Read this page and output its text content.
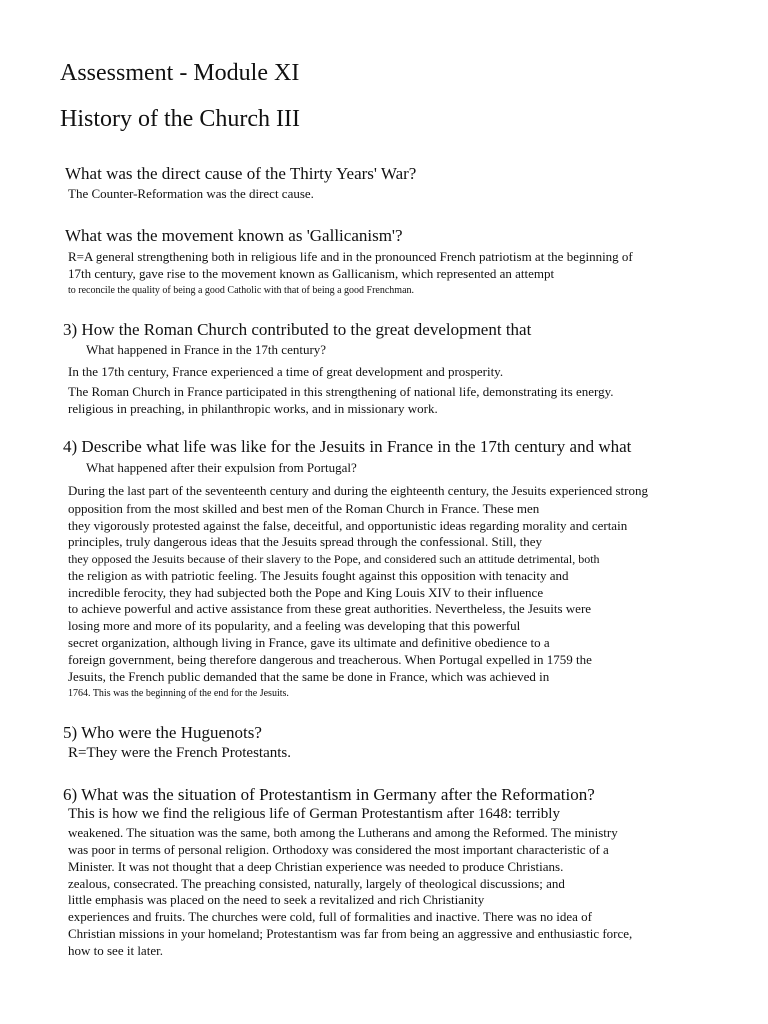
Assessment - Module XI
History of the Church III
What was the direct cause of the Thirty Years' War?
The Counter-Reformation was the direct cause.
What was the movement known as 'Gallicanism'?
R=A general strengthening both in religious life and in the pronounced French patriotism at the beginning of
17th century, gave rise to the movement known as Gallicanism, which represented an attempt
to reconcile the quality of being a good Catholic with that of being a good Frenchman.
3) How the Roman Church contributed to the great development that
What happened in France in the 17th century?
In the 17th century, France experienced a time of great development and prosperity.
The Roman Church in France participated in this strengthening of national life, demonstrating its energy.
religious in preaching, in philanthropic works, and in missionary work.
4) Describe what life was like for the Jesuits in France in the 17th century and what
What happened after their expulsion from Portugal?
During the last part of the seventeenth century and during the eighteenth century, the Jesuits experienced strong
opposition from the most skilled and best men of the Roman Church in France. These men
they vigorously protested against the false, deceitful, and opportunistic ideas regarding morality and certain
principles, truly dangerous ideas that the Jesuits spread through the confessional. Still, they
they opposed the Jesuits because of their slavery to the Pope, and considered such an attitude detrimental, both
the religion as with patriotic feeling. The Jesuits fought against this opposition with tenacity and
incredible ferocity, they had subjected both the Pope and King Louis XIV to their influence
to achieve powerful and active assistance from these great authorities. Nevertheless, the Jesuits were
losing more and more of its popularity, and a feeling was developing that this powerful
secret organization, although living in France, gave its ultimate and definitive obedience to a
foreign government, being therefore dangerous and treacherous. When Portugal expelled in 1759 the
Jesuits, the French public demanded that the same be done in France, which was achieved in
1764. This was the beginning of the end for the Jesuits.
5) Who were the Huguenots?
R=They were the French Protestants.
6) What was the situation of Protestantism in Germany after the Reformation?
This is how we find the religious life of German Protestantism after 1648: terribly
weakened. The situation was the same, both among the Lutherans and among the Reformed. The ministry
was poor in terms of personal religion. Orthodoxy was considered the most important characteristic of a
Minister. It was not thought that a deep Christian experience was needed to produce Christians.
zealous, consecrated. The preaching consisted, naturally, largely of theological discussions; and
little emphasis was placed on the need to seek a revitalized and rich Christianity
experiences and fruits. The churches were cold, full of formalities and inactive. There was no idea of
Christian missions in your homeland; Protestantism was far from being an aggressive and enthusiastic force,
how to see it later.
